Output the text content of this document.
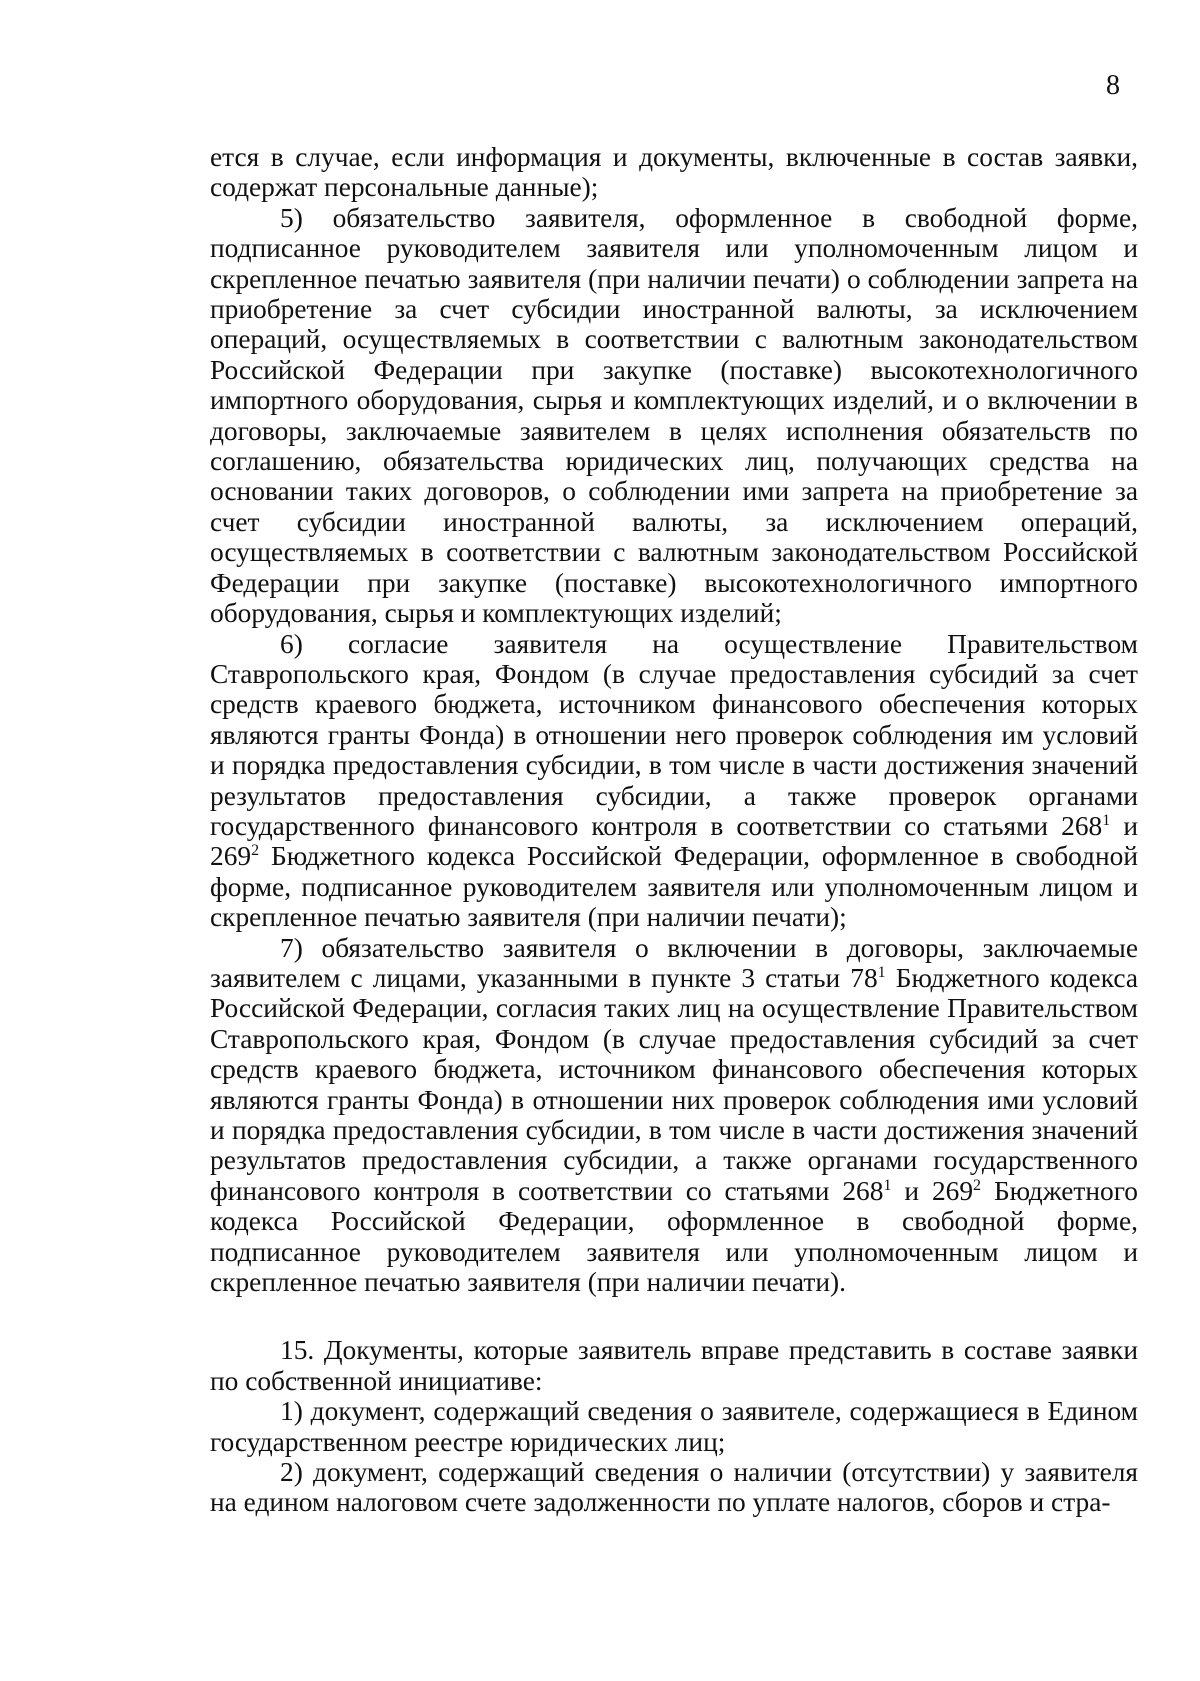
8

ется в случае, если информация и документы, включенные в состав заявки, содержат персональные данные);

5) обязательство заявителя, оформленное в свободной форме, подписанное руководителем заявителя или уполномоченным лицом и скрепленное печатью заявителя (при наличии печати) о соблюдении запрета на приобретение за счет субсидии иностранной валюты, за исключением операций, осуществляемых в соответствии с валютным законодательством Российской Федерации при закупке (поставке) высокотехнологичного импортного оборудования, сырья и комплектующих изделий, и о включении в договоры, заключаемые заявителем в целях исполнения обязательств по соглашению, обязательства юридических лиц, получающих средства на основании таких договоров, о соблюдении ими запрета на приобретение за счет субсидии иностранной валюты, за исключением операций, осуществляемых в соответствии с валютным законодательством Российской Федерации при закупке (поставке) высокотехнологичного импортного оборудования, сырья и комплектующих изделий;

6) согласие заявителя на осуществление Правительством Ставропольского края, Фондом (в случае предоставления субсидий за счет средств краевого бюджета, источником финансового обеспечения которых являются гранты Фонда) в отношении него проверок соблюдения им условий и порядка предоставления субсидии, в том числе в части достижения значений результатов предоставления субсидии, а также проверок органами государственного финансового контроля в соответствии со статьями $268^1$ и $269^2$ Бюджетного кодекса Российской Федерации, оформленное в свободной форме, подписанное руководителем заявителя или уполномоченным лицом и скрепленное печатью заявителя (при наличии печати);

7) обязательство заявителя о включении в договоры, заключаемые заявителем с лицами, указанными в пункте 3 статьи $78^1$ Бюджетного кодекса Российской Федерации, согласия таких лиц на осуществление Правительством Ставропольского края, Фондом (в случае предоставления субсидий за счет средств краевого бюджета, источником финансового обеспечения которых являются гранты Фонда) в отношении них проверок соблюдения ими условий и порядка предоставления субсидии, в том числе в части достижения значений результатов предоставления субсидии, а также органами государственного финансового контроля в соответствии со статьями $268^1$ и $269^2$ Бюджетного кодекса Российской Федерации, оформленное в свободной форме, подписанное руководителем заявителя или уполномоченным лицом и скрепленное печатью заявителя (при наличии печати).

15. Документы, которые заявитель вправе представить в составе заявки по собственной инициативе:

1) документ, содержащий сведения о заявителе, содержащиеся в Едином государственном реестре юридических лиц;

2) документ, содержащий сведения о наличии (отсутствии) у заявителя на едином налоговом счете задолженности по уплате налогов, сборов и стра-
